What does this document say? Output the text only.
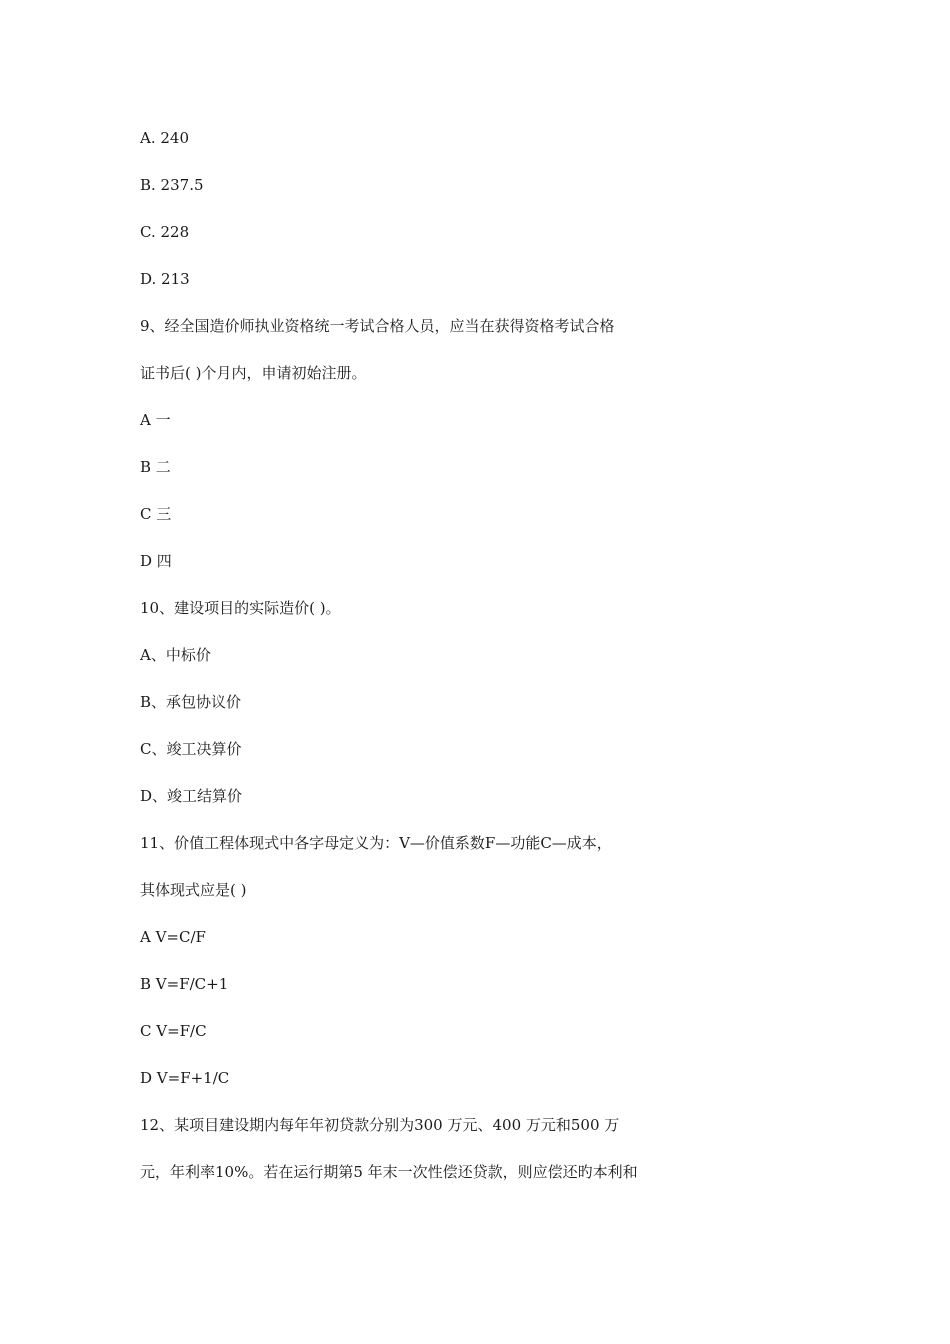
A. 240
B. 237.5
C. 228
D. 213
9、经全国造价师执业资格统一考试合格人员，应当在获得资格考试合格
证书后( )个月内，申请初始注册。
A 一
B 二
C 三
D 四
10、建设项目的实际造价( )。
A、中标价
B、承包协议价
C、竣工决算价
D、竣工结算价
11、价值工程体现式中各字母定义为：V—价值系数F—功能C—成本，
其体现式应是( )
A V=C/F
B V=F/C+1
C V=F/C
D V=F+1/C
12、某项目建设期内每年年初贷款分别为300 万元、400 万元和500 万
元，年利率10%。若在运行期第5 年末一次性偿还贷款，则应偿还旳本利和
